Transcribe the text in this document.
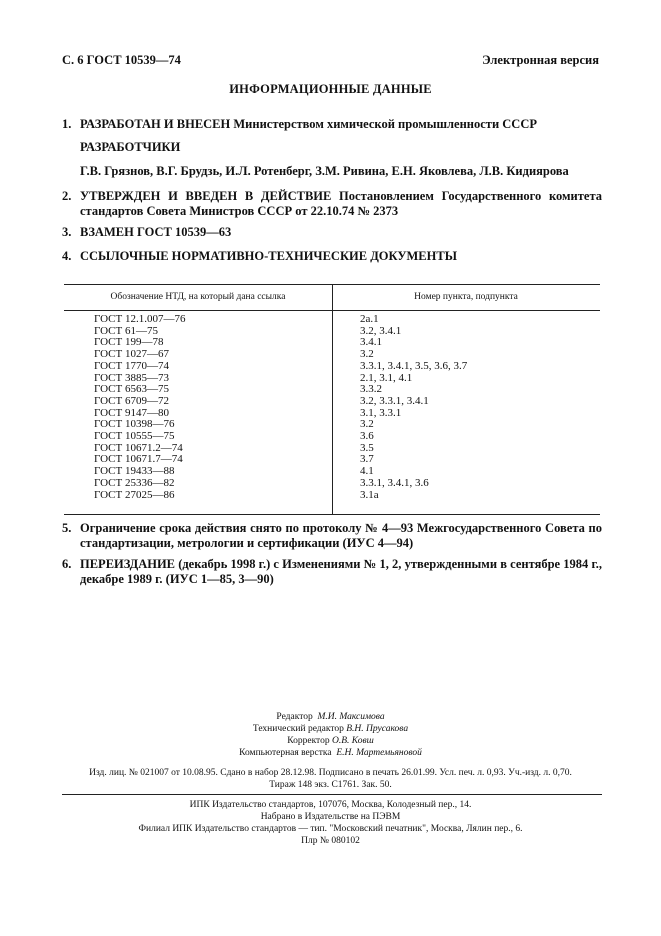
С. 6 ГОСТ 10539—74	Электронная версия
ИНФОРМАЦИОННЫЕ ДАННЫЕ
1. РАЗРАБОТАН И ВНЕСЕН Министерством химической промышленности СССР
РАЗРАБОТЧИКИ
Г.В. Грязнов, В.Г. Брудзь, И.Л. Ротенберг, З.М. Ривина, Е.Н. Яковлева, Л.В. Кидиярова
2. УТВЕРЖДЕН И ВВЕДЕН В ДЕЙСТВИЕ Постановлением Государственного комитета стандартов Совета Министров СССР от 22.10.74 № 2373
3. ВЗАМЕН ГОСТ 10539—63
4. ССЫЛОЧНЫЕ НОРМАТИВНО-ТЕХНИЧЕСКИЕ ДОКУМЕНТЫ
Обозначение НТД, на который дана ссылка	Номер пункта, подпункта
ГОСТ 12.1.007—76	2а.1
ГОСТ 61—75	3.2, 3.4.1
ГОСТ 199—78	3.4.1
ГОСТ 1027—67	3.2
ГОСТ 1770—74	3.3.1, 3.4.1, 3.5, 3.6, 3.7
ГОСТ 3885—73	2.1, 3.1, 4.1
ГОСТ 6563—75	3.3.2
ГОСТ 6709—72	3.2, 3.3.1, 3.4.1
ГОСТ 9147—80	3.1, 3.3.1
ГОСТ 10398—76	3.2
ГОСТ 10555—75	3.6
ГОСТ 10671.2—74	3.5
ГОСТ 10671.7—74	3.7
ГОСТ 19433—88	4.1
ГОСТ 25336—82	3.3.1, 3.4.1, 3.6
ГОСТ 27025—86	3.1а
5. Ограничение срока действия снято по протоколу № 4—93 Межгосударственного Совета по стандартизации, метрологии и сертификации (ИУС 4—94)
6. ПЕРЕИЗДАНИЕ (декабрь 1998 г.) с Изменениями № 1, 2, утвержденными в сентябре 1984 г., декабре 1989 г. (ИУС 1—85, 3—90)
Редактор М.И. Максимова
Технический редактор В.Н. Прусакова
Корректор О.В. Ковш
Компьютерная верстка Е.Н. Мартемьяновой
Изд. лиц. № 021007 от 10.08.95. Сдано в набор 28.12.98. Подписано в печать 26.01.99. Усл. печ. л. 0,93. Уч.-изд. л. 0,70.
Тираж 148 экз. С1761. Зак. 50.
ИПК Издательство стандартов, 107076, Москва, Колодезный пер., 14.
Набрано в Издательстве на ПЭВМ
Филиал ИПК Издательство стандартов — тип. "Московский печатник", Москва, Лялин пер., 6.
Плр № 080102
